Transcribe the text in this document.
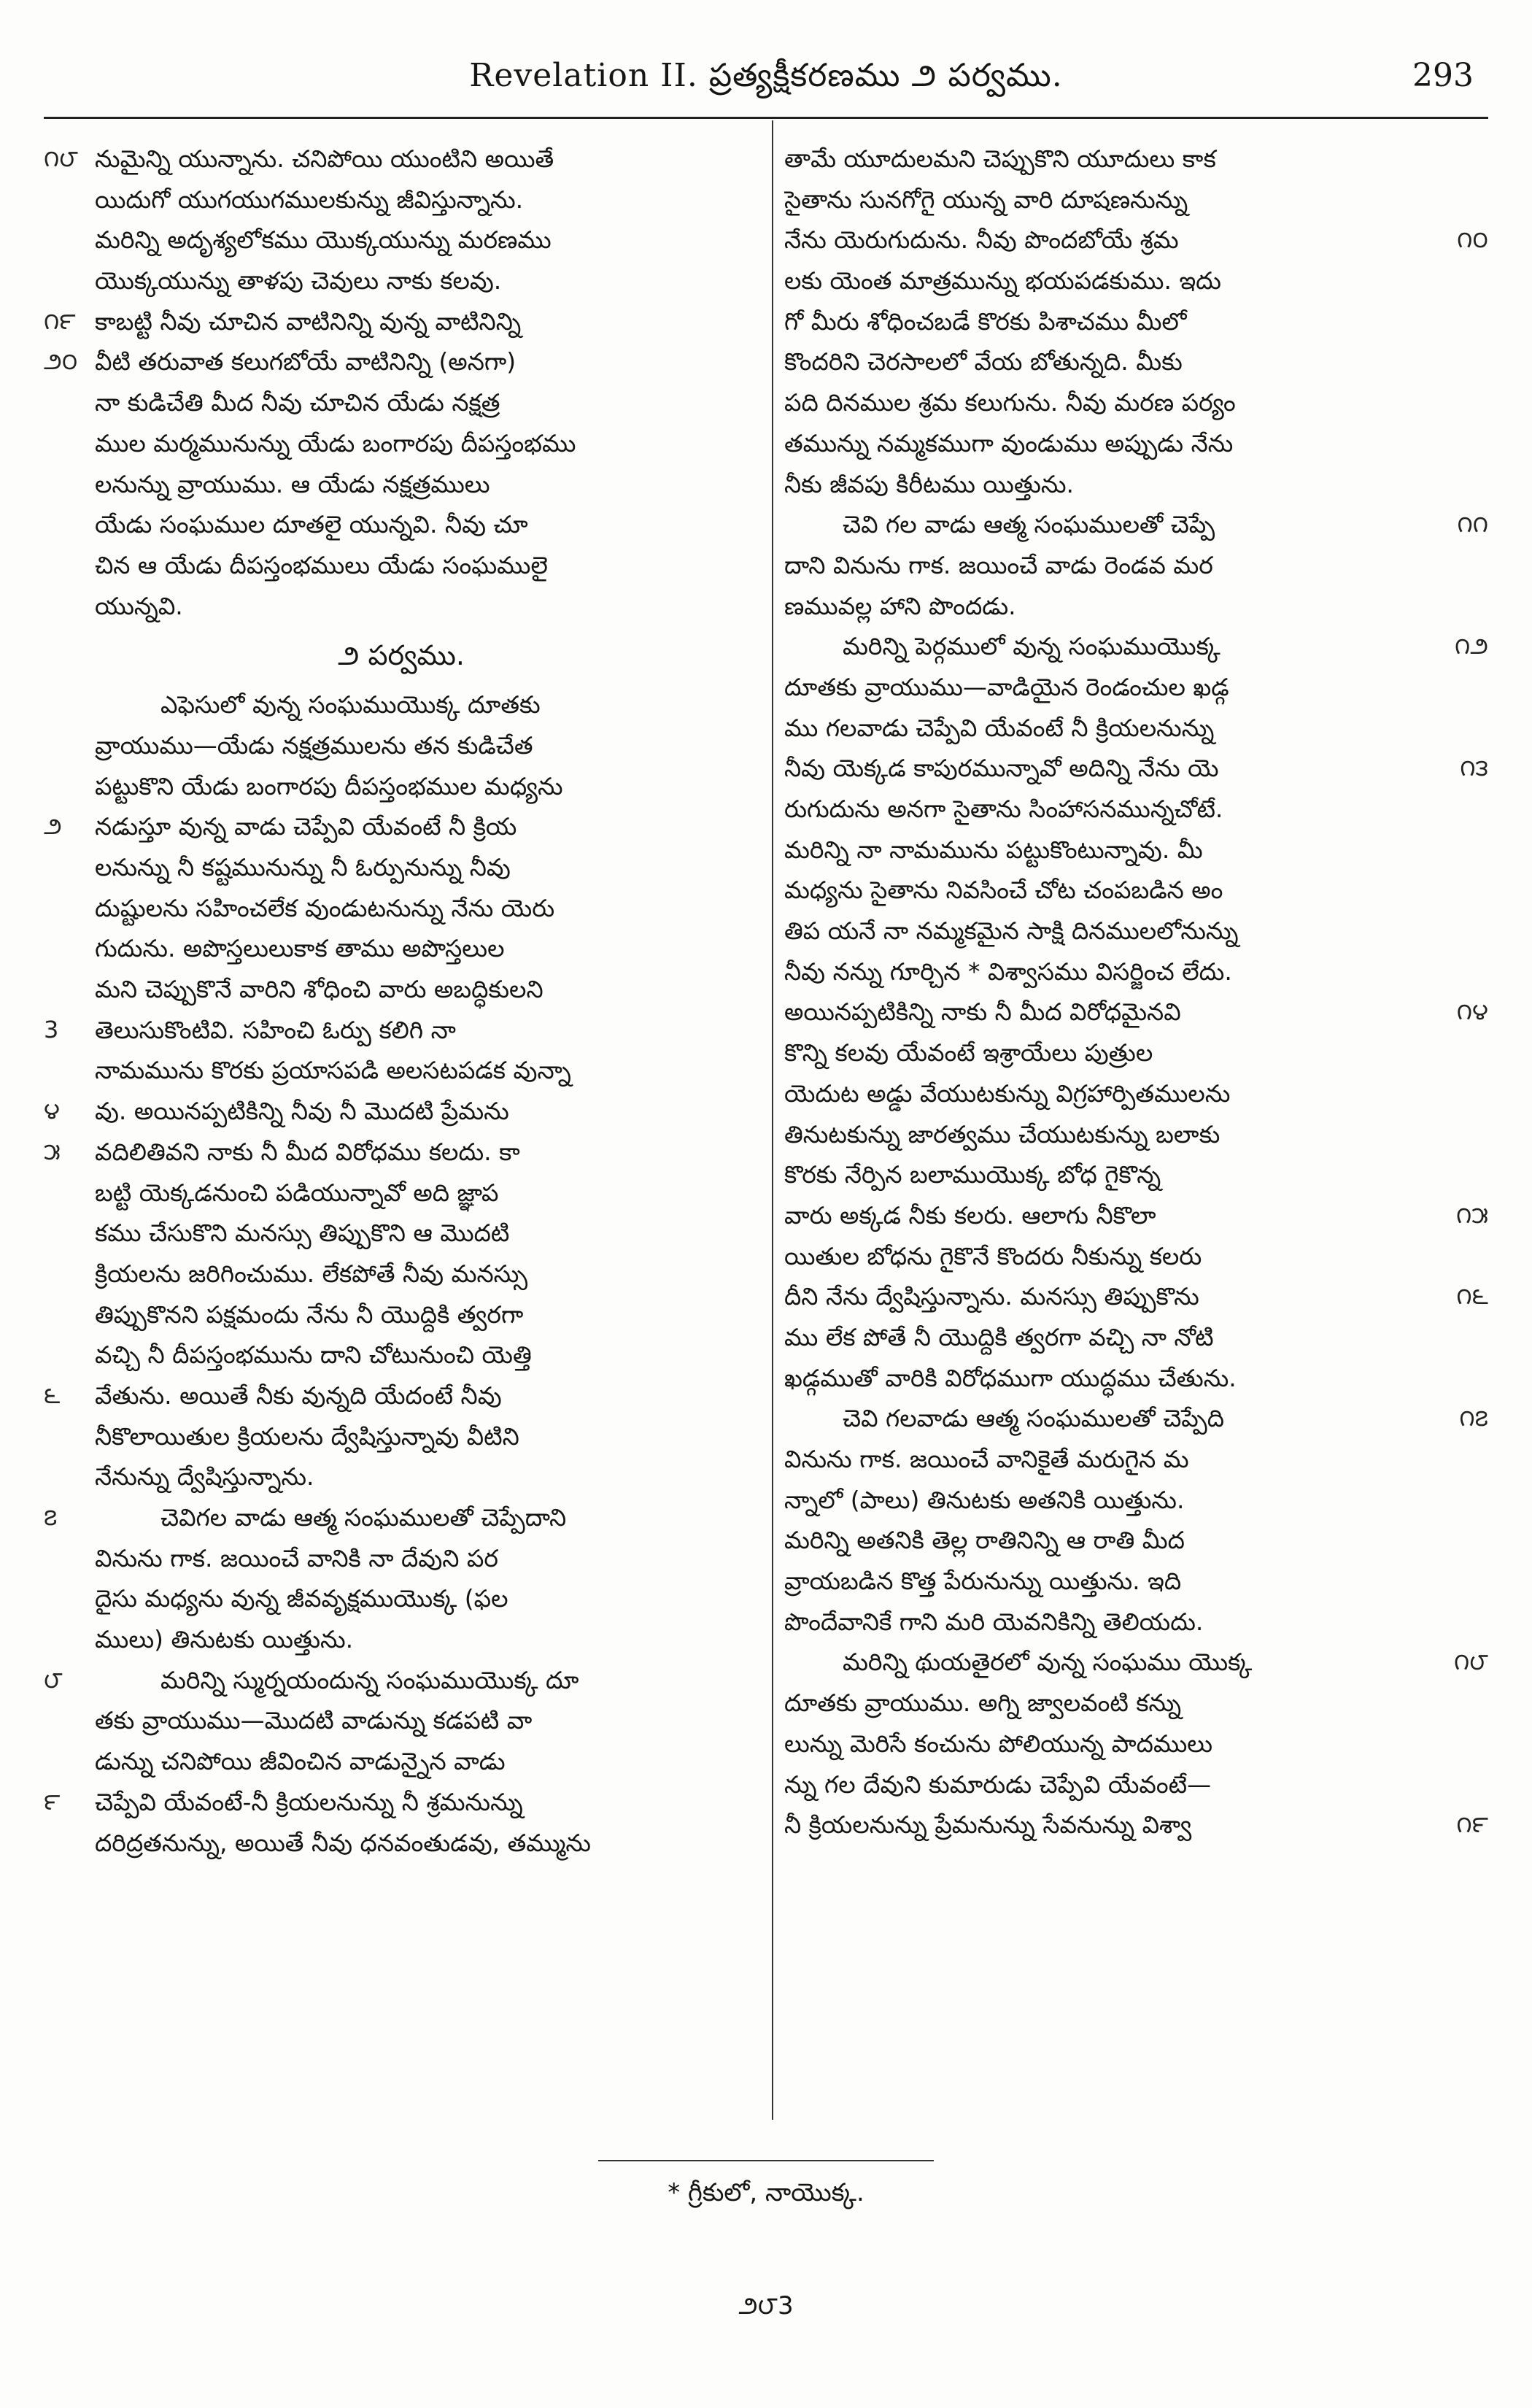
Revelation II. ప్రత్యక్షీకరణము ౨ పర్వము.	293
౧౮ నుమైన్ని యున్నాను. చనిపోయి యుంటిని అయితే
యిదుగో యుగయుగములకున్ను జీవిస్తున్నాను.
మరిన్ని అదృశ్యలోకము యొక్కయున్ను మరణము
యొక్కయున్ను తాళపు చెవులు నాకు కలవు.
౧౯ కాబట్టి నీవు చూచిన వాటినిన్ని వున్న వాటినిన్ని
౨౦ వీటి తరువాత కలుగబోయే వాటినిన్ని (అనగా)
నా కుడిచేతి మీద నీవు చూచిన యేడు నక్షత్ర
ముల మర్మమునున్ను యేడు బంగారపు దీపస్తంభము
లనున్ను వ్రాయుము. ఆ యేడు నక్షత్రములు
యేడు సంఘముల దూతలై యున్నవి. నీవు చూ
చిన ఆ యేడు దీపస్తంభములు యేడు సంఘములై
యున్నవి.
౨ పర్వము.
ఎఫెసులో వున్న సంఘముయొక్క దూతకు
వ్రాయుము—యేడు నక్షత్రములను తన కుడిచేత
పట్టుకొని యేడు బంగారపు దీపస్తంభముల మధ్యను
౨	నడుస్తూ వున్న వాడు చెప్పేవి యేవంటే నీ క్రియ
లనున్ను నీ కష్టమునున్ను నీ ఓర్పునున్ను నీవు
దుష్టులను సహించలేక వుండుటనున్ను నేను యెరు
గుదును. అపొస్తలులుకాక తాము అపొస్తలుల
మని చెప్పుకొనే వారిని శోధించి వారు అబద్ధికులని
3	తెలుసుకొంటివి. సహించి ఓర్పు కలిగి నా
నామమును కొరకు ప్రయాసపడి అలసటపడక వున్నా
౪	వు. అయినప్పటికిన్ని నీవు నీ మొదటి ప్రేమను
౫	వదిలితివని నాకు నీ మీద విరోధము కలదు. కా
బట్టి యెక్కడనుంచి పడియున్నావో అది జ్ఞాప
కము చేసుకొని మనస్సు తిప్పుకొని ఆ మొదటి
క్రియలను జరిగించుము. లేకపోతే నీవు మనస్సు
తిప్పుకొనని పక్షమందు నేను నీ యొద్దికి త్వరగా
వచ్చి నీ దీపస్తంభమును దాని చోటునుంచి యెత్తి
౬	వేతును. అయితే నీకు వున్నది యేదంటే నీవు
నీకొలాయితుల క్రియలను ద్వేషిస్తున్నావు వీటిని
నేనున్ను ద్వేషిస్తున్నాను.
౭	చెవిగల వాడు ఆత్మ సంఘములతో చెప్పేదాని
వినును గాక. జయించే వానికి నా దేవుని పర
దైసు మధ్యను వున్న జీవవృక్షముయొక్క (ఫల
ములు) తినుటకు యిత్తును.
౮	మరిన్ని స్ముర్నయందున్న సంఘముయొక్క దూ
తకు వ్రాయుము—మొదటి వాడున్ను కడపటి వా
డున్ను చనిపోయి జీవించిన వాడున్నైన వాడు
౯	చెప్పేవి యేవంటే-నీ క్రియలనున్ను నీ శ్రమనున్ను
దరిద్రతనున్ను, అయితే నీవు ధనవంతుడవు, తమ్మును
తామే యూదులమని చెప్పుకొని యూదులు కాక
సైతాను సునగోగై యున్న వారి దూషణనున్ను
౧౦
నేను యెరుగుదును. నీవు పొందబోయే శ్రమ
లకు యెంత మాత్రమున్ను భయపడకుము. ఇదు
గో మీరు శోధించబడే కొరకు పిశాచము మీలో
కొందరిని చెరసాలలో వేయ బోతున్నది. మీకు
పది దినముల శ్రమ కలుగును. నీవు మరణ పర్యం
తమున్ను నమ్మకముగా వుండుము అప్పుడు నేను
నీకు జీవపు కిరీటము యిత్తును.
౧౧
చెవి గల వాడు ఆత్మ సంఘములతో చెప్పే
దాని వినును గాక. జయించే వాడు రెండవ మర
ణమువల్ల హాని పొందడు.
౧౨
మరిన్ని పెర్గములో వున్న సంఘముయొక్క
దూతకు వ్రాయుము—వాడియైన రెండంచుల ఖడ్గ
ము గలవాడు చెప్పేవి యేవంటే నీ క్రియలనున్ను
౧౩
నీవు యెక్కడ కాపురమున్నావో అదిన్ని నేను యె
రుగుదును అనగా సైతాను సింహాసనమున్నచోటే.
మరిన్ని నా నామమును పట్టుకొంటున్నావు. మీ
మధ్యను సైతాను నివసించే చోట చంపబడిన అం
తిప యనే నా నమ్మకమైన సాక్షి దినములలోనున్ను
నీవు నన్ను గూర్చిన * విశ్వాసము విసర్జించ లేదు.
౧౪
అయినప్పటికిన్ని నాకు నీ మీద విరోధమైనవి
కొన్ని కలవు యేవంటే ఇశ్రాయేలు పుత్రుల
యెదుట అడ్డు వేయుటకున్ను విగ్రహార్పితములను
తినుటకున్ను జారత్వము చేయుటకున్ను బలాకు
కొరకు నేర్పిన బలాముయొక్క బోధ గైకొన్న
౧౫
వారు అక్కడ నీకు కలరు. ఆలాగు నీకొలా
యితుల బోధను గైకొనే కొందరు నీకున్ను కలరు
౧౬
దీని నేను ద్వేషిస్తున్నాను. మనస్సు తిప్పుకొను
ము లేక పోతే నీ యొద్దికి త్వరగా వచ్చి నా నోటి
ఖడ్గముతో వారికి విరోధముగా యుద్ధము చేతును.
౧౭
చెవి గలవాడు ఆత్మ సంఘములతో చెప్పేది
వినును గాక. జయించే వానికైతే మరుగైన మ
న్నాలో (పాలు) తినుటకు అతనికి యిత్తును.
మరిన్ని అతనికి తెల్ల రాతినిన్ని ఆ రాతి మీద
వ్రాయబడిన కొత్త పేరునున్ను యిత్తును. ఇది
పొందేవానికే గాని మరి యెవనికిన్ని తెలియదు.
౧౮
మరిన్ని థుయతైరలో వున్న సంఘము యొక్క
దూతకు వ్రాయుము. అగ్ని జ్వాలవంటి కన్ను
లున్ను మెరిసే కంచును పోలియున్న పాదములు
న్ను గల దేవుని కుమారుడు చెప్పేవి యేవంటే—
౧౯
నీ క్రియలనున్ను ప్రేమనున్ను సేవనున్ను విశ్వా
* గ్రీకులో, నాయొక్క.
౨౮3
